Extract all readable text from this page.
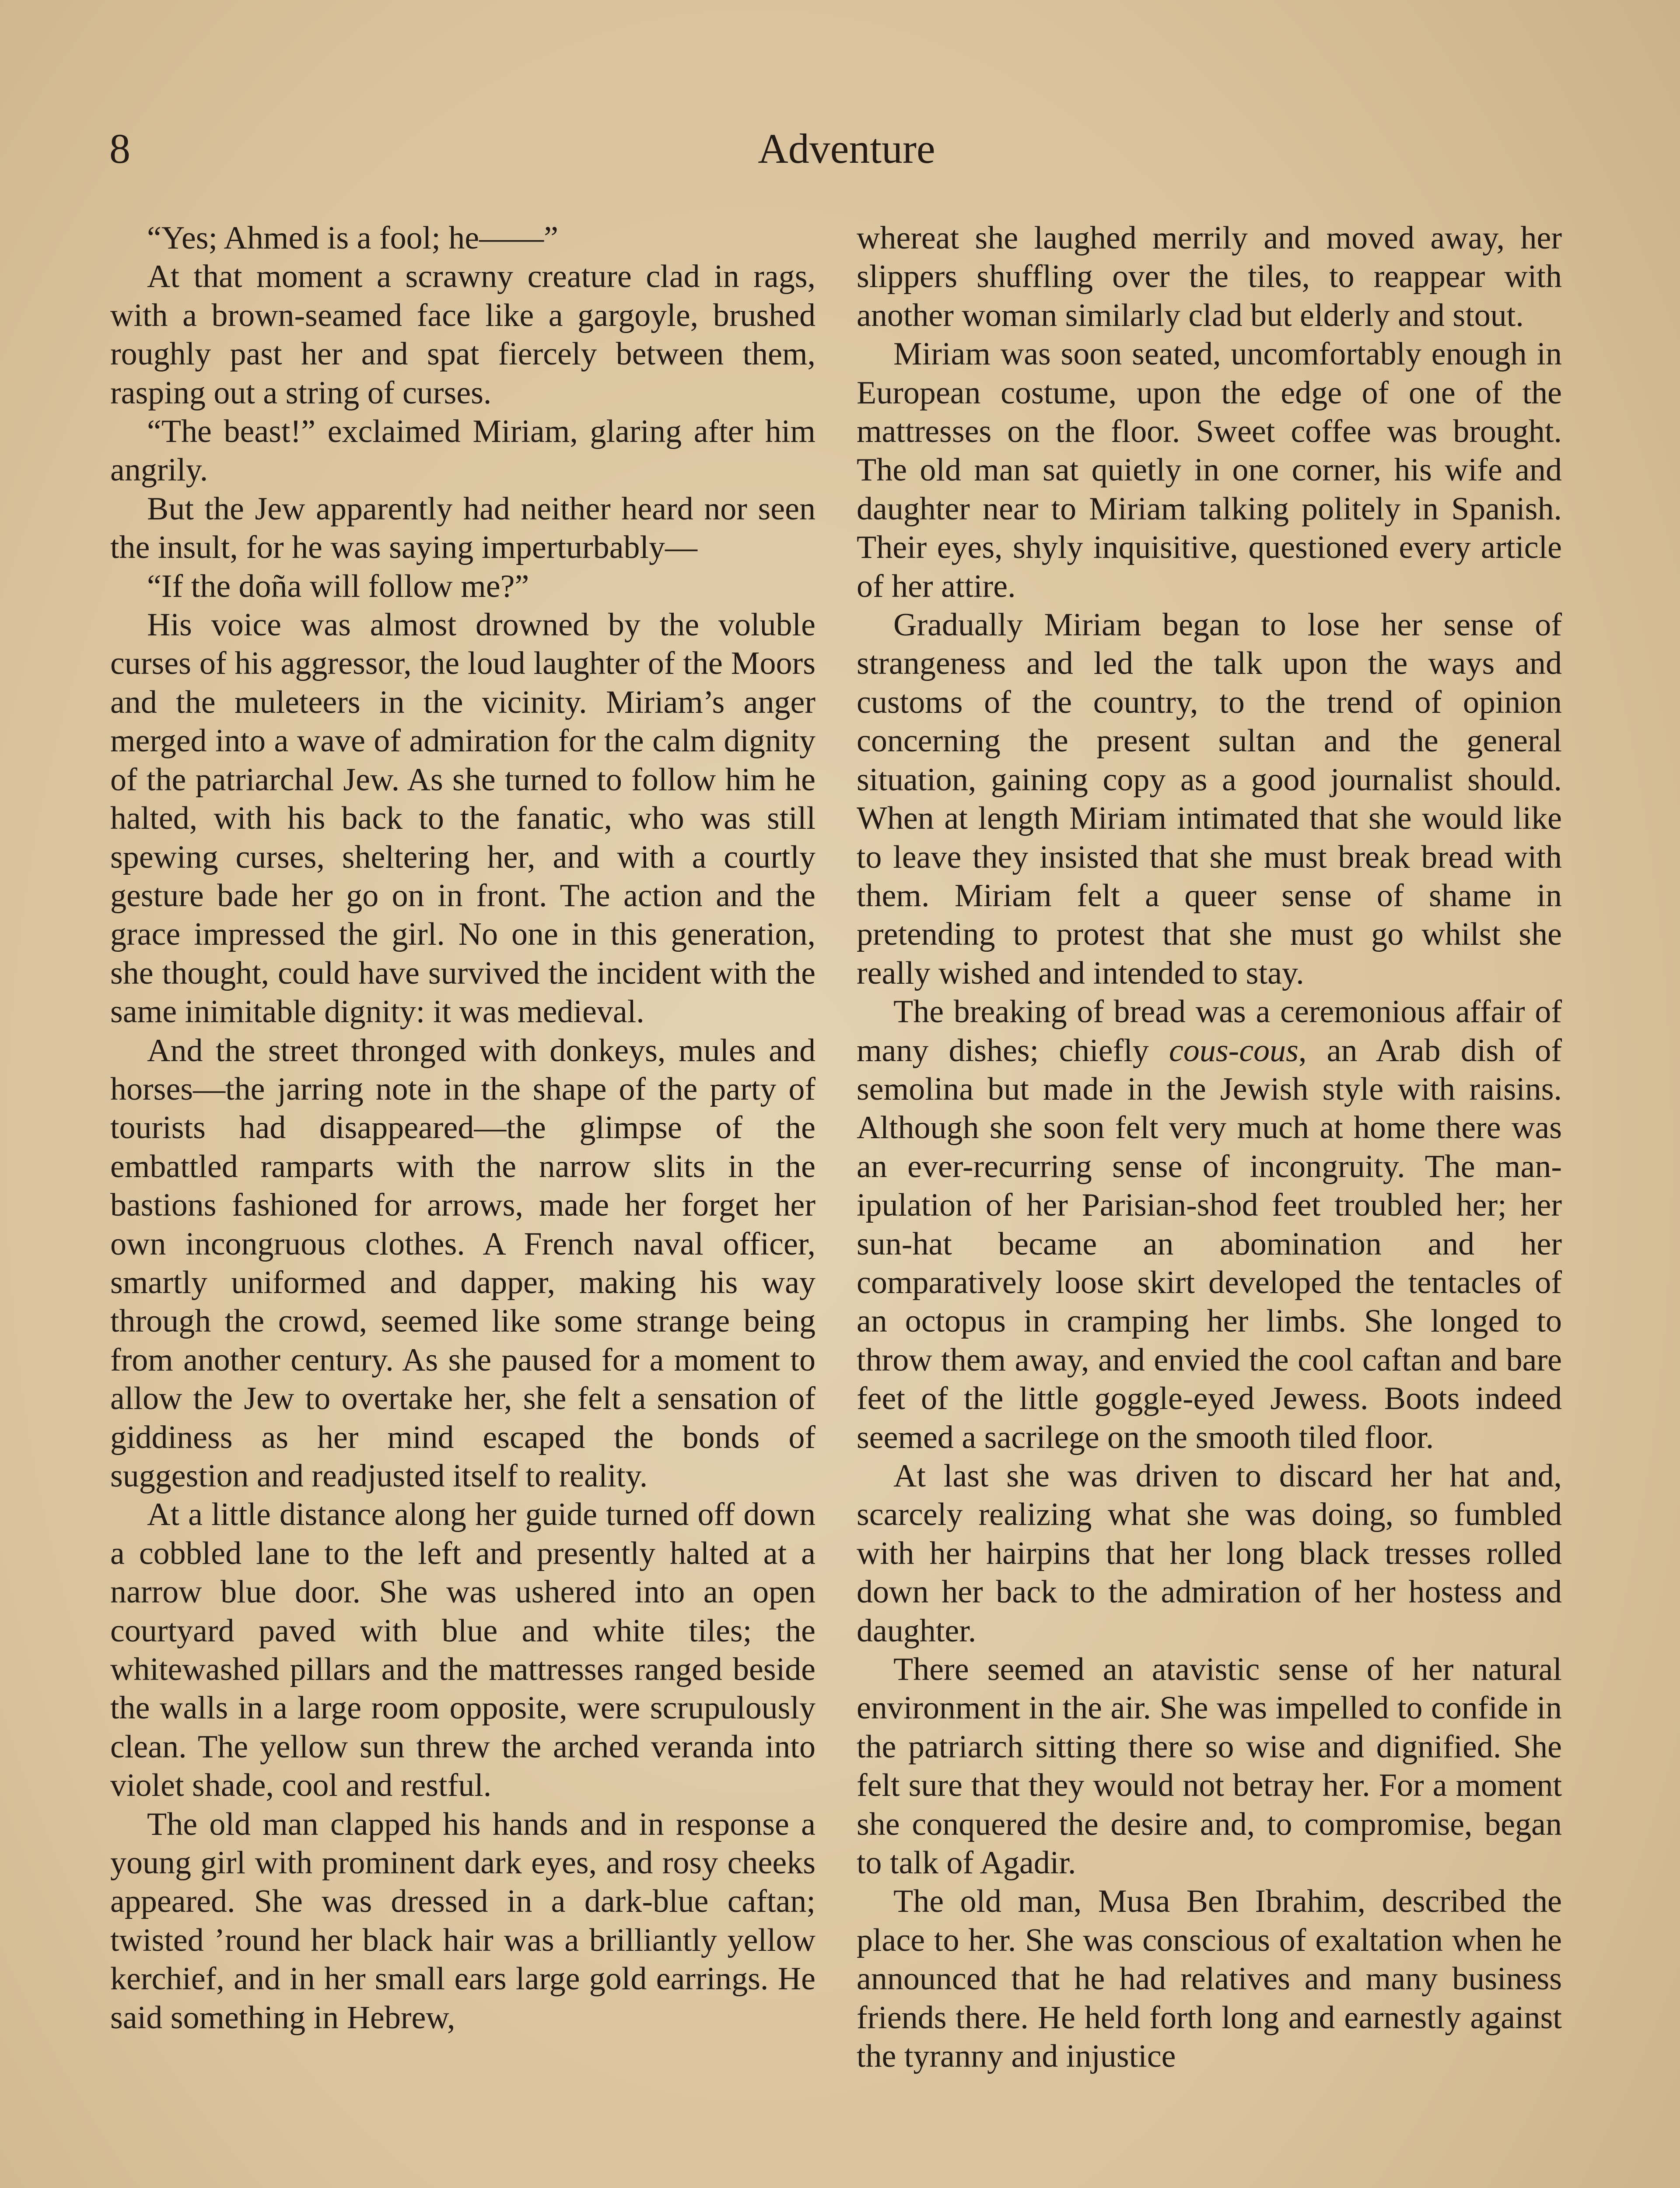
8	Adventure

“Yes; Ahmed is a fool; he——”

At that moment a scrawny creature clad in rags, with a brown-seamed face like a gargoyle, brushed roughly past her and spat fiercely between them, rasping out a string of curses.

“The beast!” exclaimed Miriam, glaring after him angrily.

But the Jew apparently had neither heard nor seen the insult, for he was saying imperturbably—

“If the doña will follow me?”

His voice was almost drowned by the voluble curses of his aggressor, the loud laughter of the Moors and the muleteers in the vicinity. Miriam’s anger merged into a wave of admiration for the calm dignity of the patriarchal Jew. As she turned to follow him he halted, with his back to the fanatic, who was still spewing curses, sheltering her, and with a courtly gesture bade her go on in front. The action and the grace impressed the girl. No one in this generation, she thought, could have survived the incident with the same inimitable dignity: it was medieval.

And the street thronged with donkeys, mules and horses—the jarring note in the shape of the party of tourists had disappeared—the glimpse of the embattled ramparts with the narrow slits in the bastions fashioned for arrows, made her forget her own incongruous clothes. A French naval officer, smartly uniformed and dapper, making his way through the crowd, seemed like some strange being from another century. As she paused for a moment to allow the Jew to overtake her, she felt a sensation of giddiness as her mind escaped the bonds of suggestion and readjusted itself to reality.

At a little distance along her guide turned off down a cobbled lane to the left and presently halted at a narrow blue door. She was ushered into an open courtyard paved with blue and white tiles; the whitewashed pillars and the mattresses ranged beside the walls in a large room opposite, were scrupulously clean. The yellow sun threw the arched veranda into violet shade, cool and restful.

The old man clapped his hands and in response a young girl with prominent dark eyes, and rosy cheeks appeared. She was dressed in a dark-blue caftan; twisted ’round her black hair was a brilliantly yellow kerchief, and in her small ears large gold earrings. He said something in Hebrew,

whereat she laughed merrily and moved away, her slippers shuffling over the tiles, to reappear with another woman similarly clad but elderly and stout.

Miriam was soon seated, uncomfortably enough in European costume, upon the edge of one of the mattresses on the floor. Sweet coffee was brought. The old man sat quietly in one corner, his wife and daughter near to Miriam talking politely in Spanish. Their eyes, shyly inquisitive, questioned every article of her attire.

Gradually Miriam began to lose her sense of strangeness and led the talk upon the ways and customs of the country, to the trend of opinion concerning the present sultan and the general situation, gaining copy as a good journalist should. When at length Miriam intimated that she would like to leave they insisted that she must break bread with them. Miriam felt a queer sense of shame in pretending to protest that she must go whilst she really wished and intended to stay.

The breaking of bread was a ceremonious affair of many dishes; chiefly cous-cous, an Arab dish of semolina but made in the Jewish style with raisins. Although she soon felt very much at home there was an ever-recurring sense of incongruity. The manipulation of her Parisian-shod feet troubled her; her sun-hat became an abomination and her comparatively loose skirt developed the tentacles of an octopus in cramping her limbs. She longed to throw them away, and envied the cool caftan and bare feet of the little goggle-eyed Jewess. Boots indeed seemed a sacrilege on the smooth tiled floor.

At last she was driven to discard her hat and, scarcely realizing what she was doing, so fumbled with her hairpins that her long black tresses rolled down her back to the admiration of her hostess and daughter.

There seemed an atavistic sense of her natural environment in the air. She was impelled to confide in the patriarch sitting there so wise and dignified. She felt sure that they would not betray her. For a moment she conquered the desire and, to compromise, began to talk of Agadir.

The old man, Musa Ben Ibrahim, described the place to her. She was conscious of exaltation when he announced that he had relatives and many business friends there. He held forth long and earnestly against the tyranny and injustice
